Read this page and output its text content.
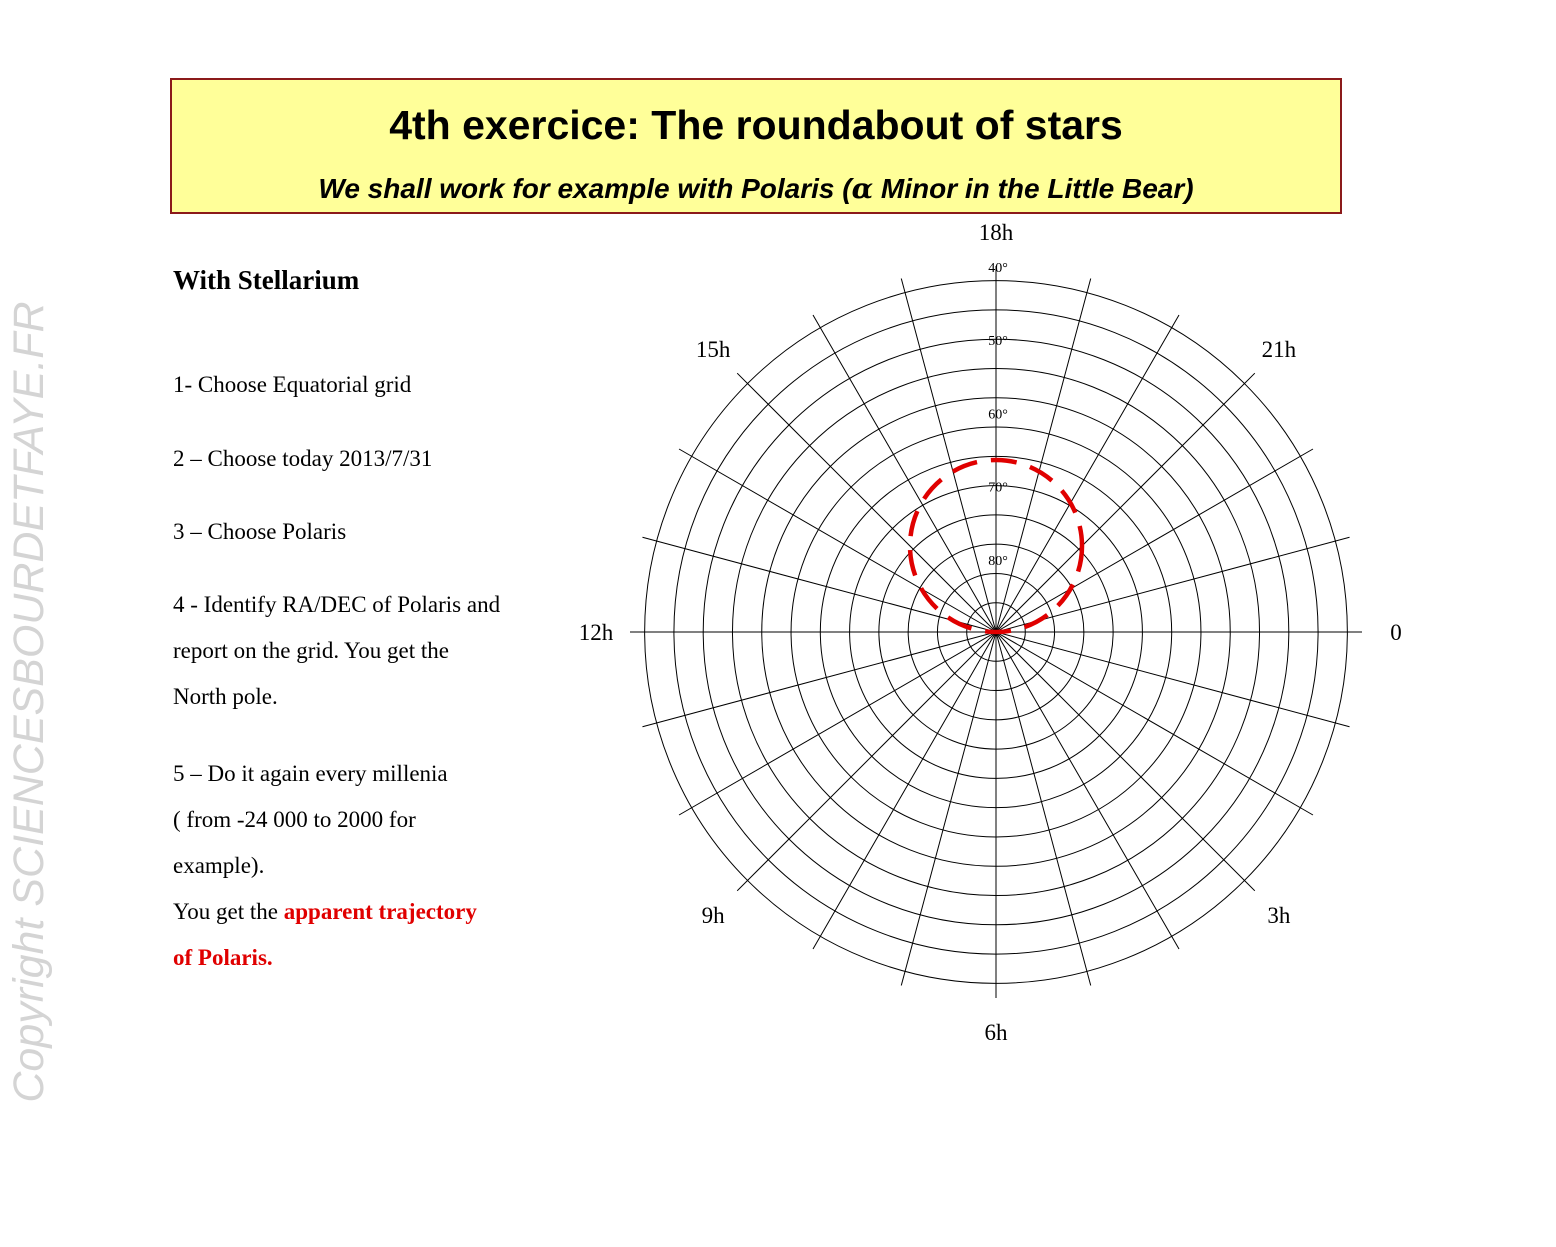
4th exercice: The roundabout of stars
We shall work for example with Polaris (α Minor in the Little Bear)
Copyright SCIENCESBOURDETFAYE.FR
With Stellarium
1- Choose Equatorial grid
2 – Choose today 2013/7/31
3 – Choose Polaris
4 - Identify RA/DEC of Polaris and
report on the grid. You get the
North pole.
5 – Do it again every millenia
( from -24 000 to 2000 for
example).
You get the apparent trajectory
of Polaris.
0
3h
6h
9h
12h
15h
18h
21h
40°
50°
60°
70°
80°
